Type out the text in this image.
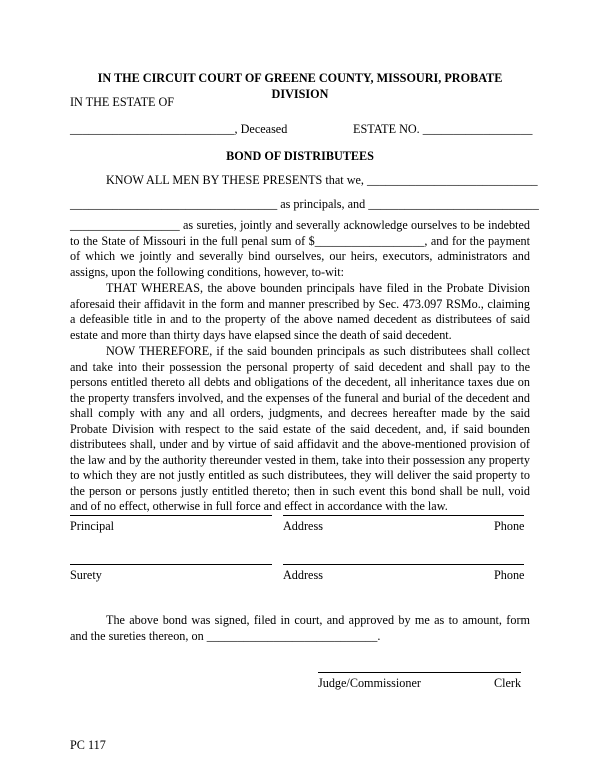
IN THE CIRCUIT COURT OF GREENE COUNTY, MISSOURI, PROBATE DIVISION
IN THE ESTATE OF
___________________________, Deceased	ESTATE NO. __________________
BOND OF DISTRIBUTEES
KNOW ALL MEN BY THESE PRESENTS that we, ____________________________
__________________________________ as principals, and ____________________________
__________________ as sureties, jointly and severally acknowledge ourselves to be indebted to the State of Missouri in the full penal sum of $__________________, and for the payment of which we jointly and severally bind ourselves, our heirs, executors, administrators and assigns, upon the following conditions, however, to-wit:
THAT WHEREAS, the above bounden principals have filed in the Probate Division aforesaid their affidavit in the form and manner prescribed by Sec. 473.097 RSMo., claiming a defeasible title in and to the property of the above named decedent as distributees of said estate and more than thirty days have elapsed since the death of said decedent.
NOW THEREFORE, if the said bounden principals as such distributees shall collect and take into their possession the personal property of said decedent and shall pay to the persons entitled thereto all debts and obligations of the decedent, all inheritance taxes due on the property transfers involved, and the expenses of the funeral and burial of the decedent and shall comply with any and all orders, judgments, and decrees hereafter made by the said Probate Division with respect to the said estate of the said decedent, and, if said bounden distributees shall, under and by virtue of said affidavit and the above-mentioned provision of the law and by the authority thereunder vested in them, take into their possession any property to which they are not justly entitled as such distributees, they will deliver the said property to the person or persons justly entitled thereto; then in such event this bond shall be null, void and of no effect, otherwise in full force and effect in accordance with the law.
Principal	Address	Phone
Surety	Address	Phone
The above bond was signed, filed in court, and approved by me as to amount, form and the sureties thereon, on ____________________________.
Judge/Commissioner	Clerk
PC 117
